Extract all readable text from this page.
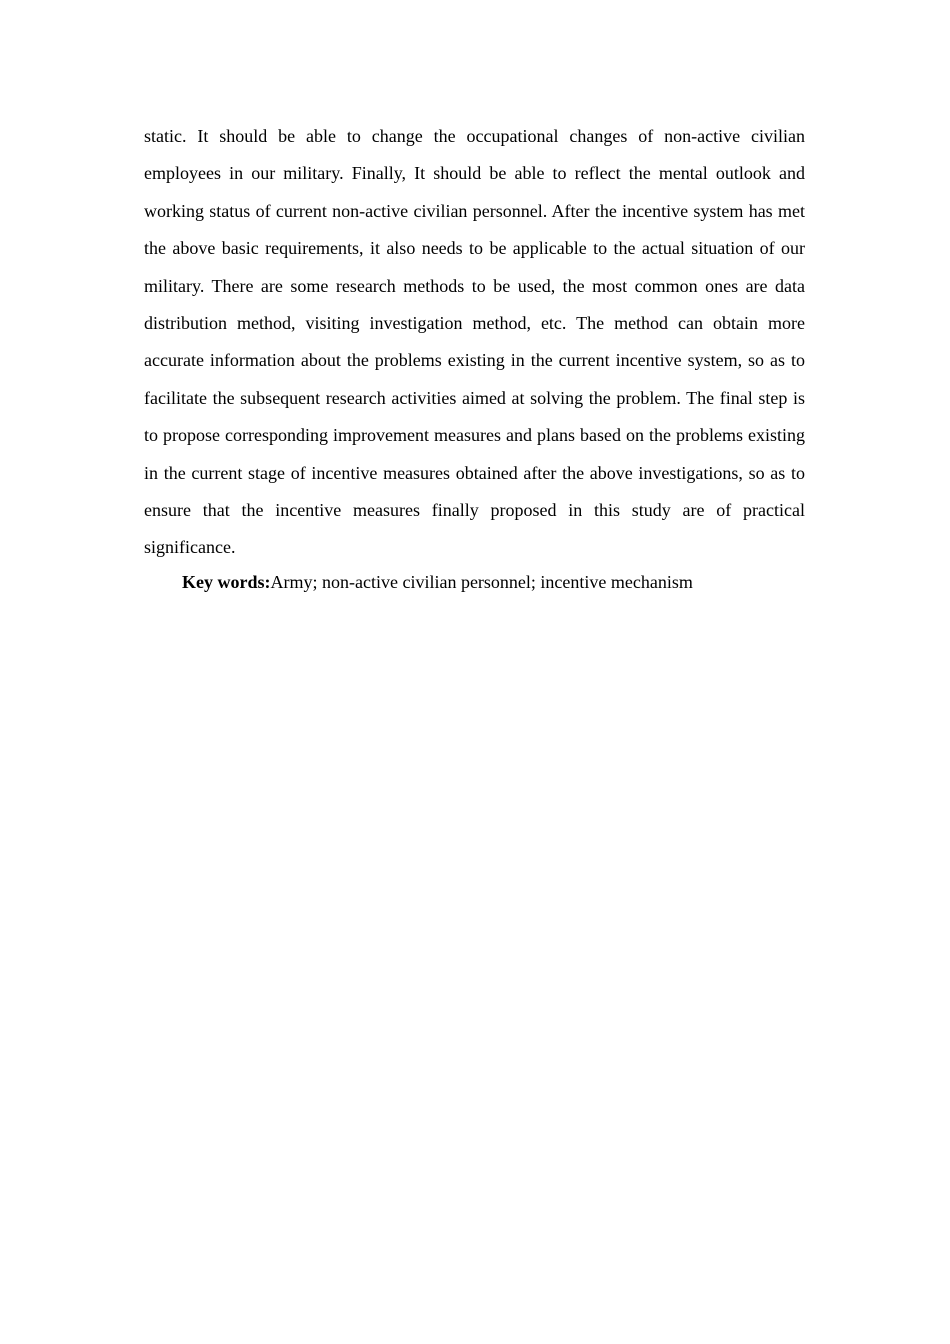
static. It should be able to change the occupational changes of non-active civilian employees in our military. Finally, It should be able to reflect the mental outlook and working status of current non-active civilian personnel. After the incentive system has met the above basic requirements, it also needs to be applicable to the actual situation of our military. There are some research methods to be used, the most common ones are data distribution method, visiting investigation method, etc. The method can obtain more accurate information about the problems existing in the current incentive system, so as to facilitate the subsequent research activities aimed at solving the problem. The final step is to propose corresponding improvement measures and plans based on the problems existing in the current stage of incentive measures obtained after the above investigations, so as to ensure that the incentive measures finally proposed in this study are of practical significance.

Key words:Army; non-active civilian personnel; incentive mechanism
